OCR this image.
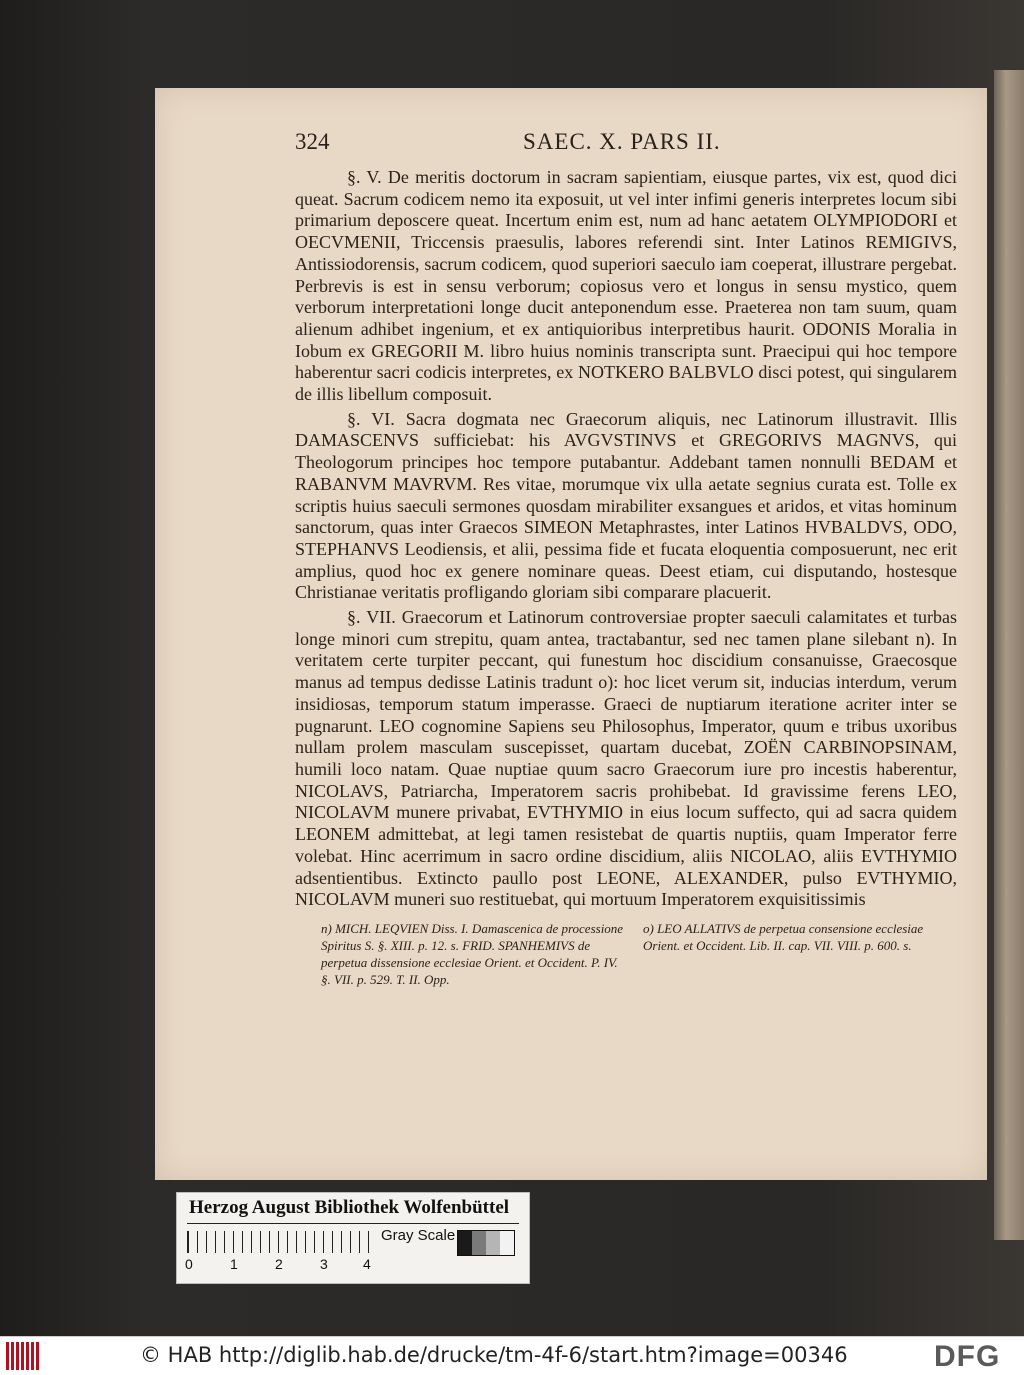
324	SAEC. X. PARS II.

§. V. De meritis doctorum in sacram sapientiam, eiusque partes, vix est, quod dici queat. Sacrum codicem nemo ita exposuit, ut vel inter infimi generis interpretes locum sibi primarium deposcere queat. Incertum enim est, num ad hanc aetatem OLYMPIODORI et OECVMENII, Triccensis praesulis, labores referendi sint. Inter Latinos REMIGIVS, Antissiodorensis, sacrum codicem, quod superiori saeculo iam coeperat, illustrare pergebat. Perbrevis is est in sensu verborum; copiosus vero et longus in sensu mystico, quem verborum interpretationi longe ducit anteponendum esse. Praeterea non tam suum, quam alienum adhibet ingenium, et ex antiquioribus interpretibus haurit. ODONIS Moralia in Iobum ex GREGORII M. libro huius nominis transcripta sunt. Praecipui qui hoc tempore haberentur sacri codicis interpretes, ex NOTKERO BALBVLO disci potest, qui singularem de illis libellum composuit.

§. VI. Sacra dogmata nec Graecorum aliquis, nec Latinorum illustravit. Illis DAMASCENVS sufficiebat: his AVGVSTINVS et GREGORIVS MAGNVS, qui Theologorum principes hoc tempore putabantur. Addebant tamen nonnulli BEDAM et RABANVM MAVRVM. Res vitae, morumque vix ulla aetate segnius curata est. Tolle ex scriptis huius saeculi sermones quosdam mirabiliter exsangues et aridos, et vitas hominum sanctorum, quas inter Graecos SIMEON Metaphrastes, inter Latinos HVBALDVS, ODO, STEPHANVS Leodiensis, et alii, pessima fide et fucata eloquentia composuerunt, nec erit amplius, quod hoc ex genere nominare queas. Deest etiam, cui disputando, hostesque Christianae veritatis profligando gloriam sibi comparare placuerit.

§. VII. Graecorum et Latinorum controversiae propter saeculi calamitates et turbas longe minori cum strepitu, quam antea, tractabantur, sed nec tamen plane silebant n). In veritatem certe turpiter peccant, qui funestum hoc discidium consanuisse, Graecosque manus ad tempus dedisse Latinis tradunt o): hoc licet verum sit, inducias interdum, verum insidiosas, temporum statum imperasse. Graeci de nuptiarum iteratione acriter inter se pugnarunt. LEO cognomine Sapiens seu Philosophus, Imperator, quum e tribus uxoribus nullam prolem masculam suscepisset, quartam ducebat, ZOËN CARBINOPSINAM, humili loco natam. Quae nuptiae quum sacro Graecorum iure pro incestis haberentur, NICOLAVS, Patriarcha, Imperatorem sacris prohibebat. Id gravissime ferens LEO, NICOLAVM munere privabat, EVTHYMIO in eius locum suffecto, qui ad sacra quidem LEONEM admittebat, at legi tamen resistebat de quartis nuptiis, quam Imperator ferre volebat. Hinc acerrimum in sacro ordine discidium, aliis NICOLAO, aliis EVTHYMIO adsentientibus. Extincto paullo post LEONE, ALEXANDER, pulso EVTHYMIO, NICOLAVM muneri suo restituebat, qui mortuum Imperatorem exquisitissimis

n) MICH. LEQVIEN Diss. I. Damascenica de processione Spiritus S. §. XIII. p. 12. s. FRID. SPANHEMIVS de perpetua dissensione ecclesiae Orient. et Occident. P. IV. §. VII. p. 529. T. II. Opp.
o) LEO ALLATIVS de perpetua consensione ecclesiae Orient. et Occident. Lib. II. cap. VII. VIII. p. 600. s.
Herzog August Bibliothek Wolfenbüttel
0	1	2	3	4
Gray Scale
© HAB http://diglib.hab.de/drucke/tm-4f-6/start.htm?image=00346	DFG
